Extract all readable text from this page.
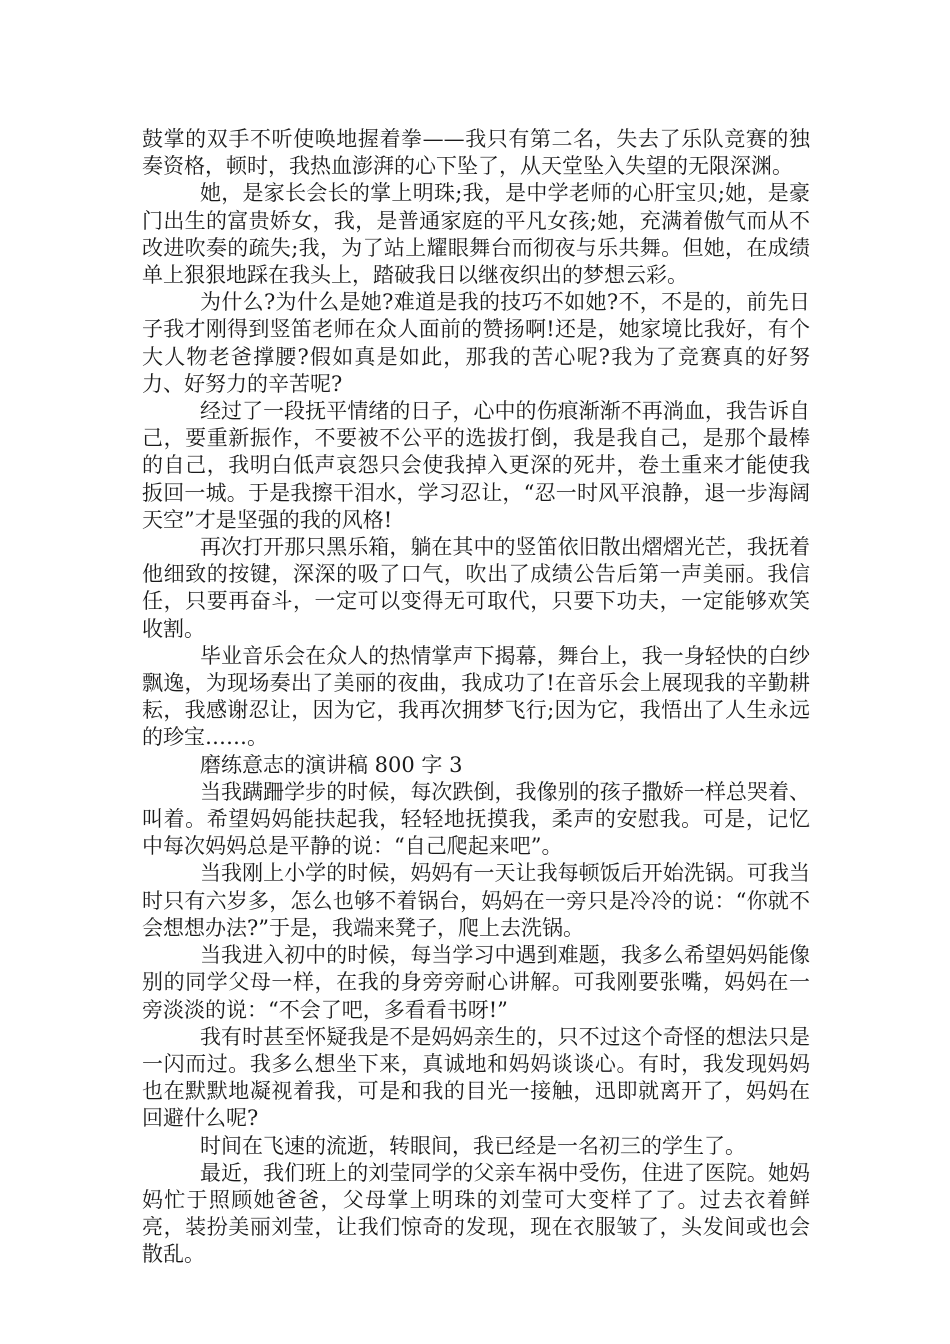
鼓掌的双手不听使唤地握着拳——我只有第二名，失去了乐队竞赛的独奏资格，顿时，我热血澎湃的心下坠了，从天堂坠入失望的无限深渊。

她，是家长会长的掌上明珠;我，是中学老师的心肝宝贝;她，是豪门出生的富贵娇女，我，是普通家庭的平凡女孩;她，充满着傲气而从不改进吹奏的疏失;我，为了站上耀眼舞台而彻夜与乐共舞。但她，在成绩单上狠狠地踩在我头上，踏破我日以继夜织出的梦想云彩。

为什么?为什么是她?难道是我的技巧不如她?不，不是的，前先日子我才刚得到竖笛老师在众人面前的赞扬啊!还是，她家境比我好，有个大人物老爸撑腰?假如真是如此，那我的苦心呢?我为了竞赛真的好努力、好努力的辛苦呢?

经过了一段抚平情绪的日子，心中的伤痕渐渐不再淌血，我告诉自己，要重新振作，不要被不公平的选拔打倒，我是我自己，是那个最棒的自己，我明白低声哀怨只会使我掉入更深的死井，卷土重来才能使我扳回一城。于是我擦干泪水，学习忍让，“忍一时风平浪静，退一步海阔天空”才是坚强的我的风格!

再次打开那只黑乐箱，躺在其中的竖笛依旧散出熠熠光芒，我抚着他细致的按键，深深的吸了口气，吹出了成绩公告后第一声美丽。我信任，只要再奋斗，一定可以变得无可取代，只要下功夫，一定能够欢笑收割。

毕业音乐会在众人的热情掌声下揭幕，舞台上，我一身轻快的白纱飘逸，为现场奏出了美丽的夜曲，我成功了!在音乐会上展现我的辛勤耕耘，我感谢忍让，因为它，我再次拥梦飞行;因为它，我悟出了人生永远的珍宝……。

磨练意志的演讲稿 800 字 3

当我蹒跚学步的时候，每次跌倒，我像别的孩子撒娇一样总哭着、叫着。希望妈妈能扶起我，轻轻地抚摸我，柔声的安慰我。可是，记忆中每次妈妈总是平静的说：“自己爬起来吧”。

当我刚上小学的时候，妈妈有一天让我每顿饭后开始洗锅。可我当时只有六岁多，怎么也够不着锅台，妈妈在一旁只是冷冷的说：“你就不会想想办法?”于是，我端来凳子，爬上去洗锅。

当我进入初中的时候，每当学习中遇到难题，我多么希望妈妈能像别的同学父母一样，在我的身旁旁耐心讲解。可我刚要张嘴，妈妈在一旁淡淡的说：“不会了吧，多看看书呀!”

我有时甚至怀疑我是不是妈妈亲生的，只不过这个奇怪的想法只是一闪而过。我多么想坐下来，真诚地和妈妈谈谈心。有时，我发现妈妈也在默默地凝视着我，可是和我的目光一接触，迅即就离开了，妈妈在回避什么呢?

时间在飞速的流逝，转眼间，我已经是一名初三的学生了。

最近，我们班上的刘莹同学的父亲车祸中受伤，住进了医院。她妈妈忙于照顾她爸爸，父母掌上明珠的刘莹可大变样了了。过去衣着鲜亮，装扮美丽刘莹，让我们惊奇的发现，现在衣服皱了，头发间或也会散乱。
